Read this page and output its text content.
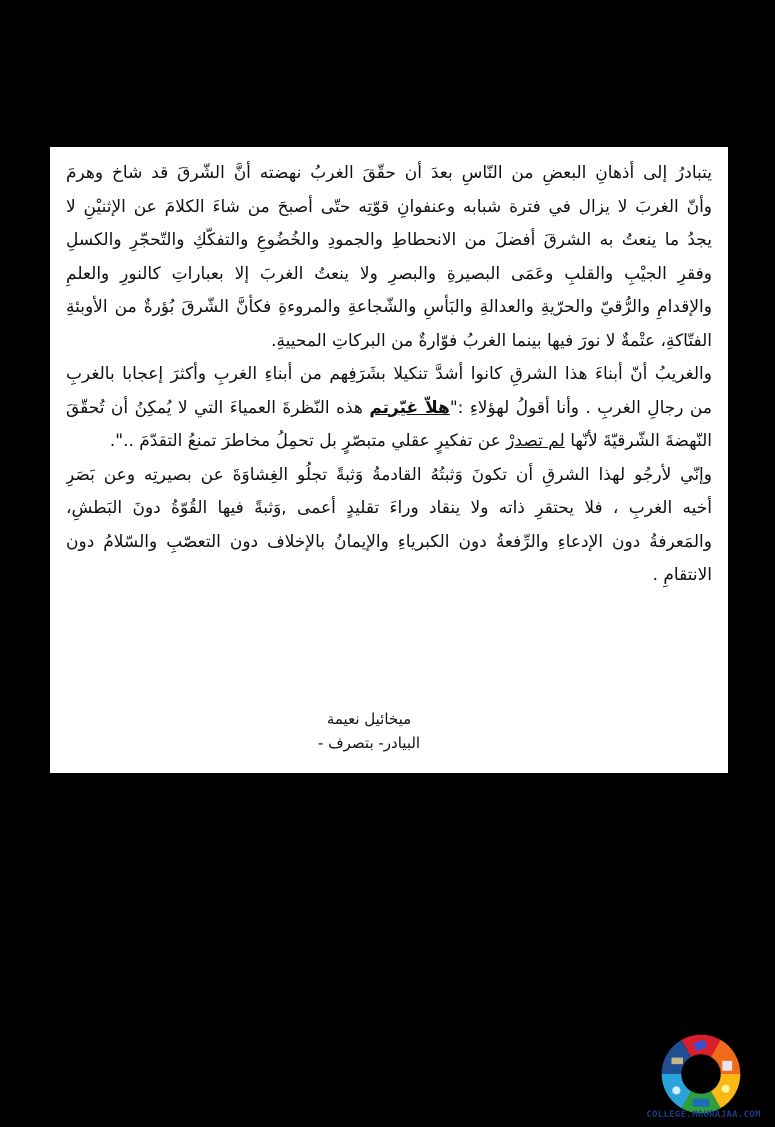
يتبادرُ إلى أذهانِ البعضِ من النّاسِ بعدَ أن حقّقَ الغربُ نهضته أنَّ الشّرقَ قد شاخ وهرمَ
وأنّ الغربَ لا يزال في فترة شبابه وعنفوانِ قوّتِه حتّى أصبحَ من شاءَ الكلامَ عن الإثنيْنِ لا
يجدُ ما ينعتُ به الشرقَ أفضلَ من الانحطاطِ والجمودِ والخُضُوعِ والتفكّكِ والتّحجّرِ والكسلِ
وفقرِ الجيْبِ والقلبِ وعَمَى البصيرةِ والبصرِ ولا ينعتُ الغربَ إلا بعباراتِ كالنورِ والعلمِ
والإقدامِ والرُّقيّ والحرّيةِ والعدالةِ والبَأسِ والشّجاعةِ والمروءةِ فكأنَّ الشّرقَ بُؤرةٌ من الأوبئةِ
الفتّاكةِ، عتْمةٌ لا نورَ فيها بينما الغربُ فوّارةٌ من البركاتِ المحييةِ.
والغريبُ أنّ أبناءَ هذا الشرقِ كانوا أشدَّ تنكيلا بشَرَفِهم من أبناءِ الغربِ وأكثرَ إعجابا بالغربِ
من رجالِ الغربِ . وأنا أقولُ لهؤلاءِ :"هلاّ غيّرتم هذه النّظرةَ العمياءَ التي لا يُمكِنُ أن تُحقّقَ
النّهضةَ الشّرقيّةَ لأنّها لم تصدرْ عن تفكيرٍ عقلي متبصّرٍ بل تحمِلُ مخاطرَ تمنعُ التقدّمَ ..".
وإنّي لأرجُو لهذا الشرقِ أن تكونَ وَثبتُهُ القادمةُ وَثبةً تجلُو الغِشاوَةَ عن بصيرتِه وعن بَصَرِ
أخيه الغربِ ، فلا يحتقرِ ذاته ولا ينقاد وراءَ تقليدٍ أعمى ,وَثبةً فيها القُوّةُ دونَ البَطشِ،
والمَعرفةُ دون الإدعاءِ والرِّفعةُ دون الكبرياءِ والإيمانُ بالإخلاف دون التعصّبِ والسّلامُ دون
الانتقامِ .
ميخائيل نعيمة
البيادر- بتصرف -
COLLEGE.MOURAJAA.COM
